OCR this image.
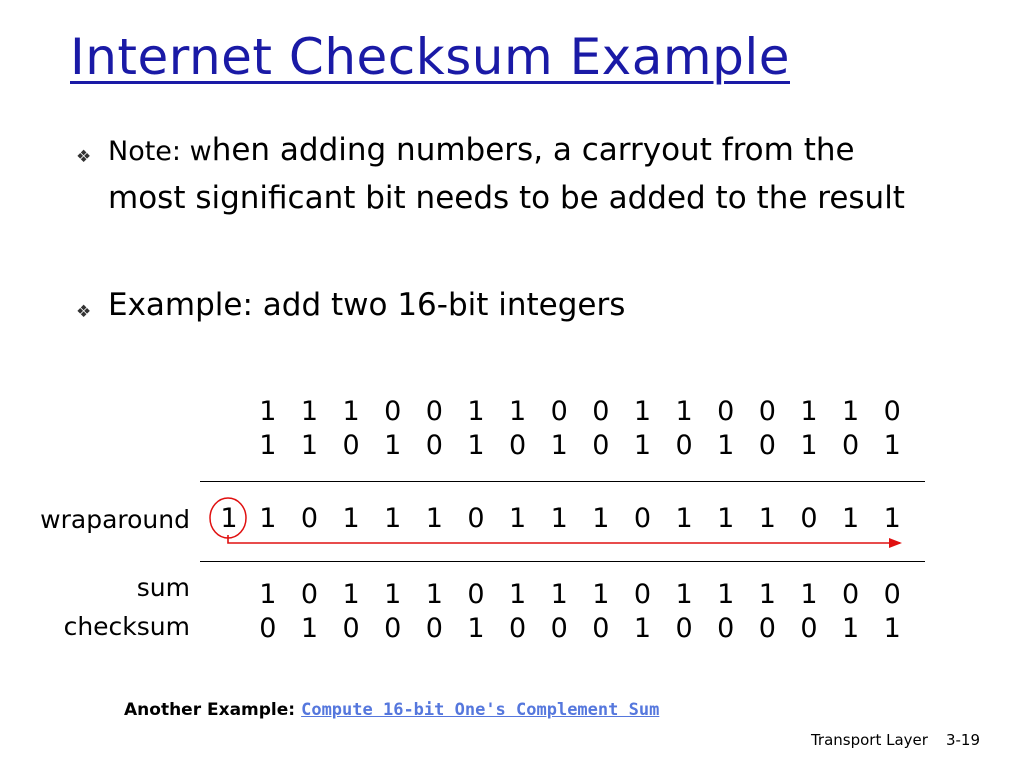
Internet Checksum Example
❖ Note: when adding numbers, a carryout from the most significant bit needs to be added to the result
❖ Example: add two 16-bit integers
1 1 1 0 0 1 1 0 0 1 1 0 0 1 1 0
1 1 0 1 0 1 0 1 0 1 0 1 0 1 0 1
wraparound	1 1 0 1 1 1 0 1 1 1 0 1 1 1 0 1 1
sum	1 0 1 1 1 0 1 1 1 0 1 1 1 1 0 0
checksum	0 1 0 0 0 1 0 0 0 1 0 0 0 0 1 1
Another Example: Compute 16-bit One's Complement Sum
Transport Layer 3-19
